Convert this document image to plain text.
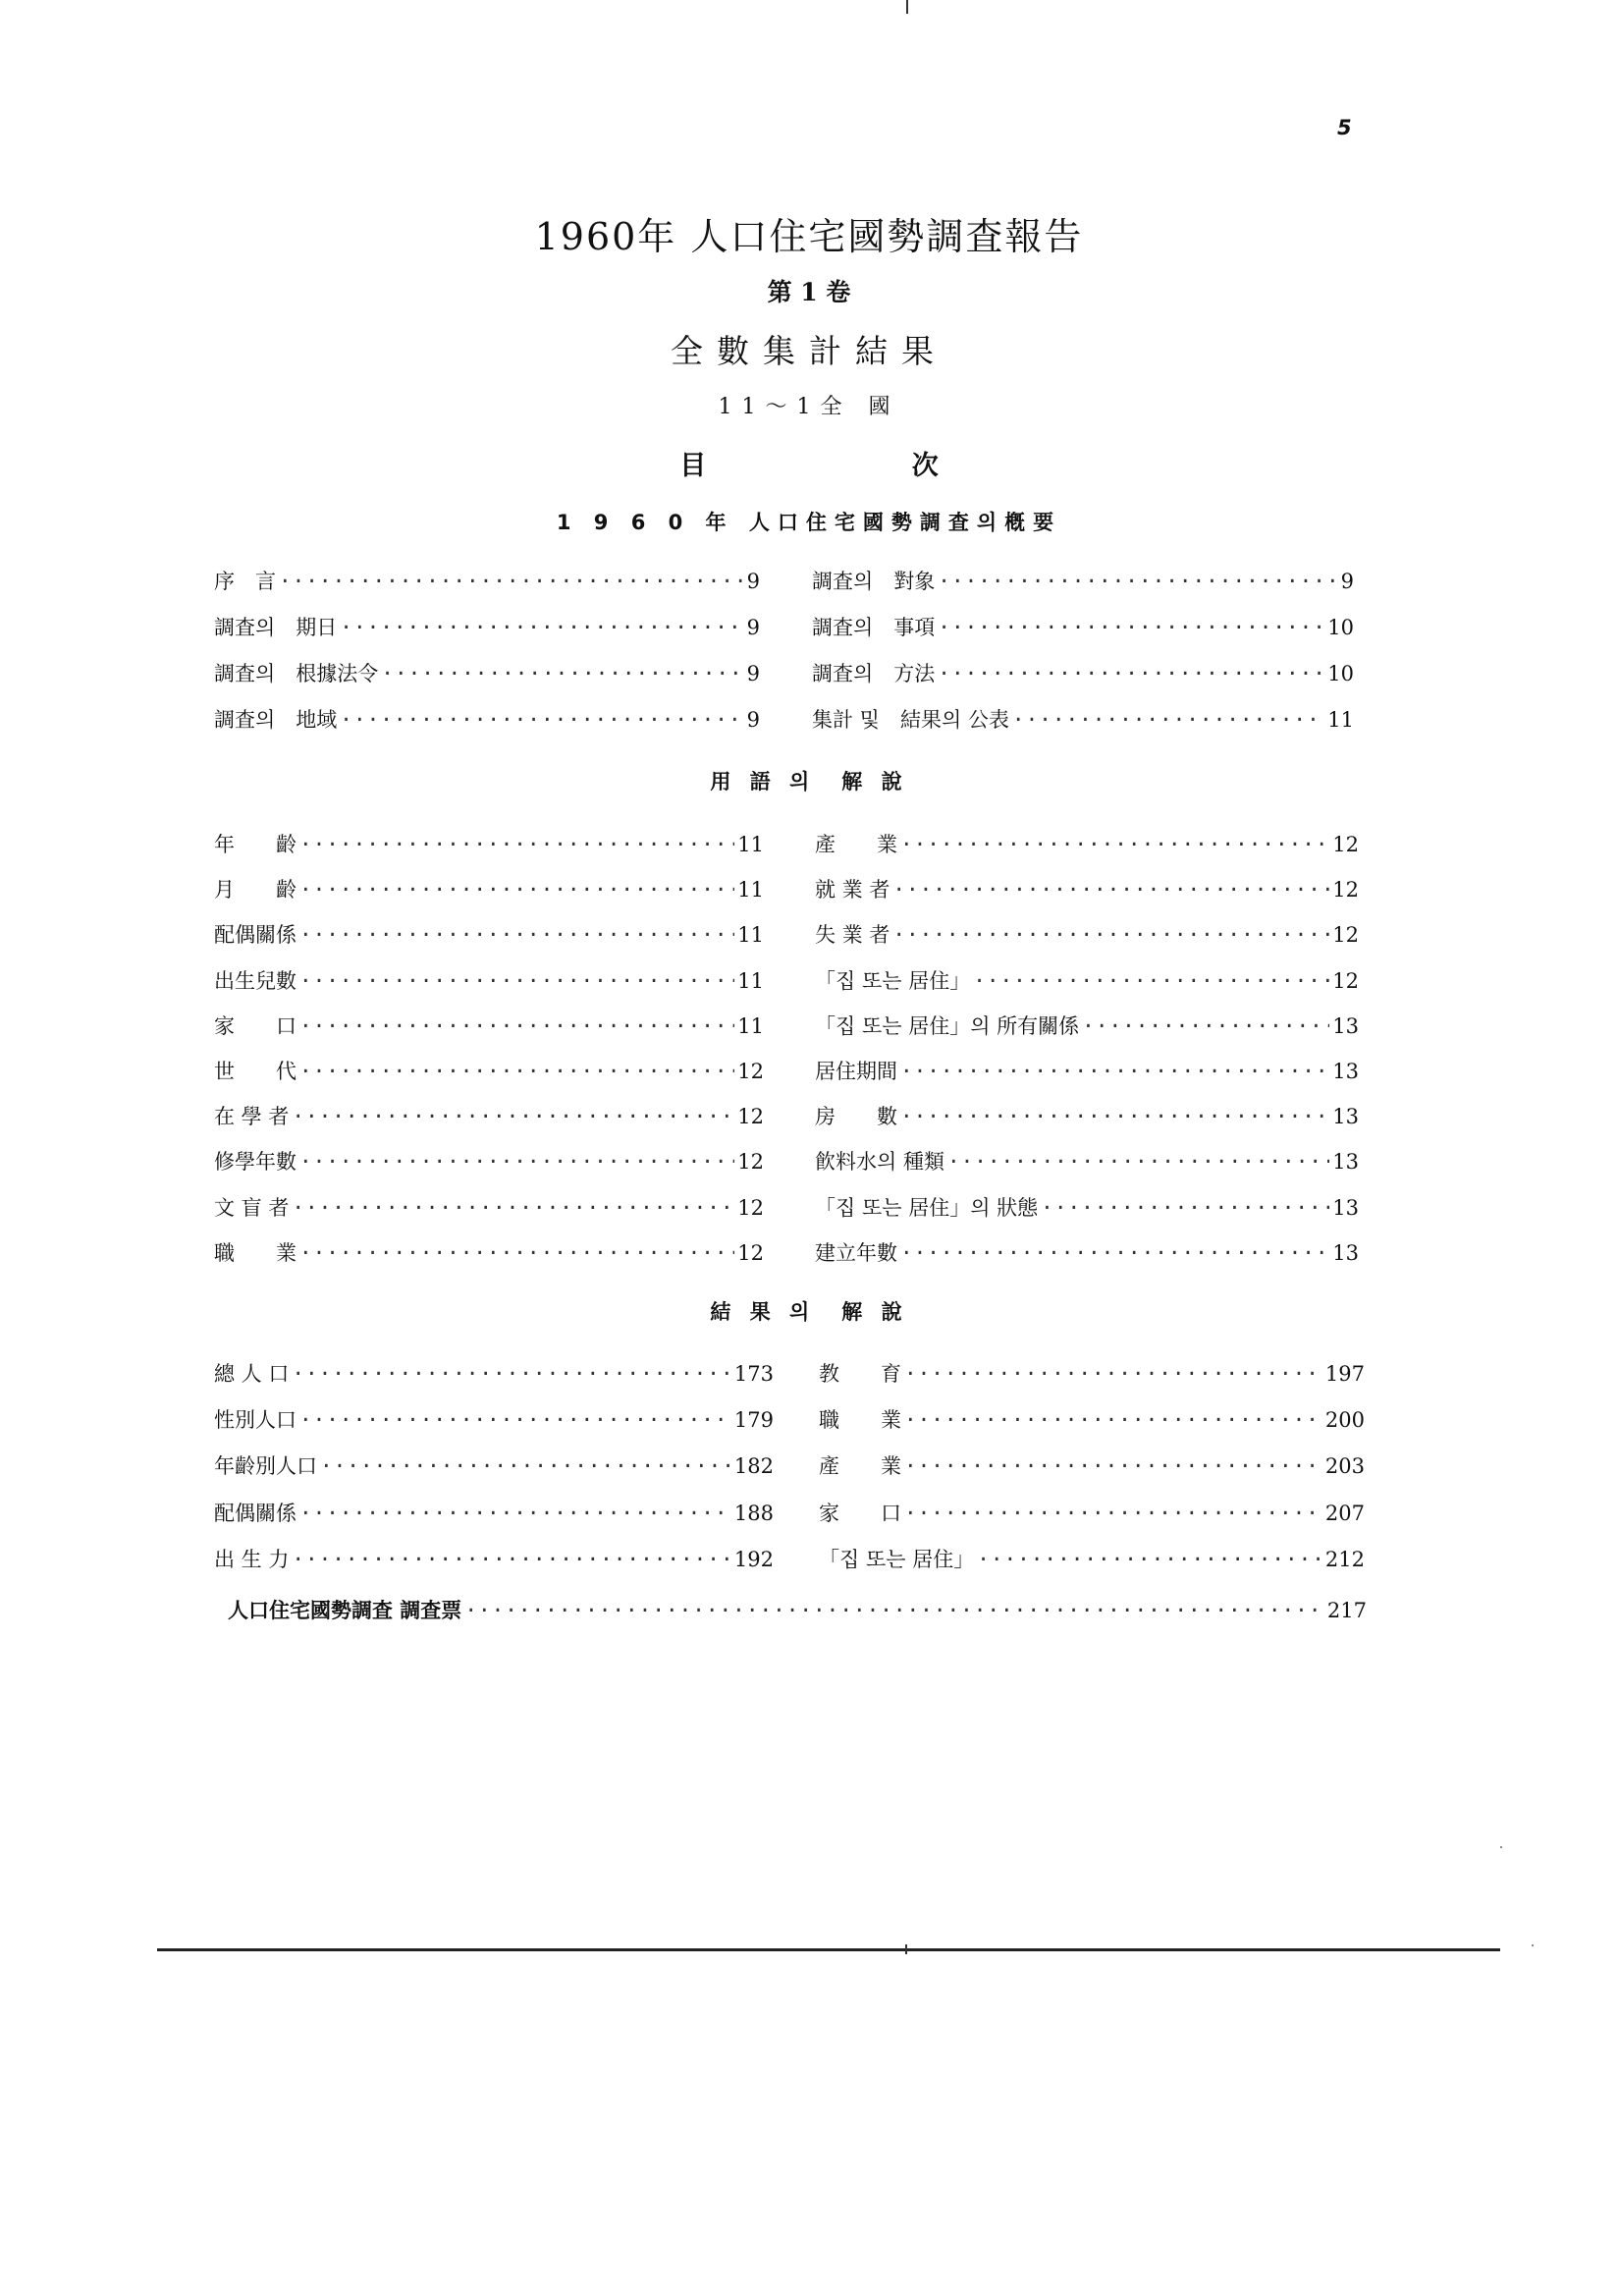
5
1960年 人口住宅國勢調査報告
第 1 卷
全數集計結果
11～1全 國
目 次
1 9 6 0 年 人口住宅國勢調査의槪要
用 語 의　解 說
結 果 의　解 說
序　言 ·····	9
調査의　期日 ·····	9
調査의　根據法令 ·····	9
調査의　地域 ·····	9
調査의　對象 ·····	9
調査의　事項 ·····	10
調査의　方法 ·····	10
集計 및　結果의 公表 ·····	11
年　　齡 ·····	11
月　　齡 ·····	11
配偶關係 ·····	11
出生兒數 ·····	11
家　　口 ·····	11
世　　代 ·····	12
在 學 者 ·····	12
修學年數 ·····	12
文 盲 者 ·····	12
職　　業 ·····	12
產　　業 ·····	12
就 業 者 ·····	12
失 業 者 ·····	12
「집 또는 居住」 ·····	12
「집 또는 居住」의 所有關係 ·····	13
居住期間 ·····	13
房　　數 ·····	13
飮料水의 種類 ·····	13
「집 또는 居住」의 狀態 ·····	13
建立年數 ·····	13
總 人 口 ·····	173
性別人口 ·····	179
年齡別人口 ·····	182
配偶關係 ·····	188
出 生 力 ·····	192
教　　育 ·····	197
職　　業 ·····	200
產　　業 ·····	203
家　　口 ·····	207
「집 또는 居住」 ·····	212
人口住宅國勢調査 調査票 ·····	217
